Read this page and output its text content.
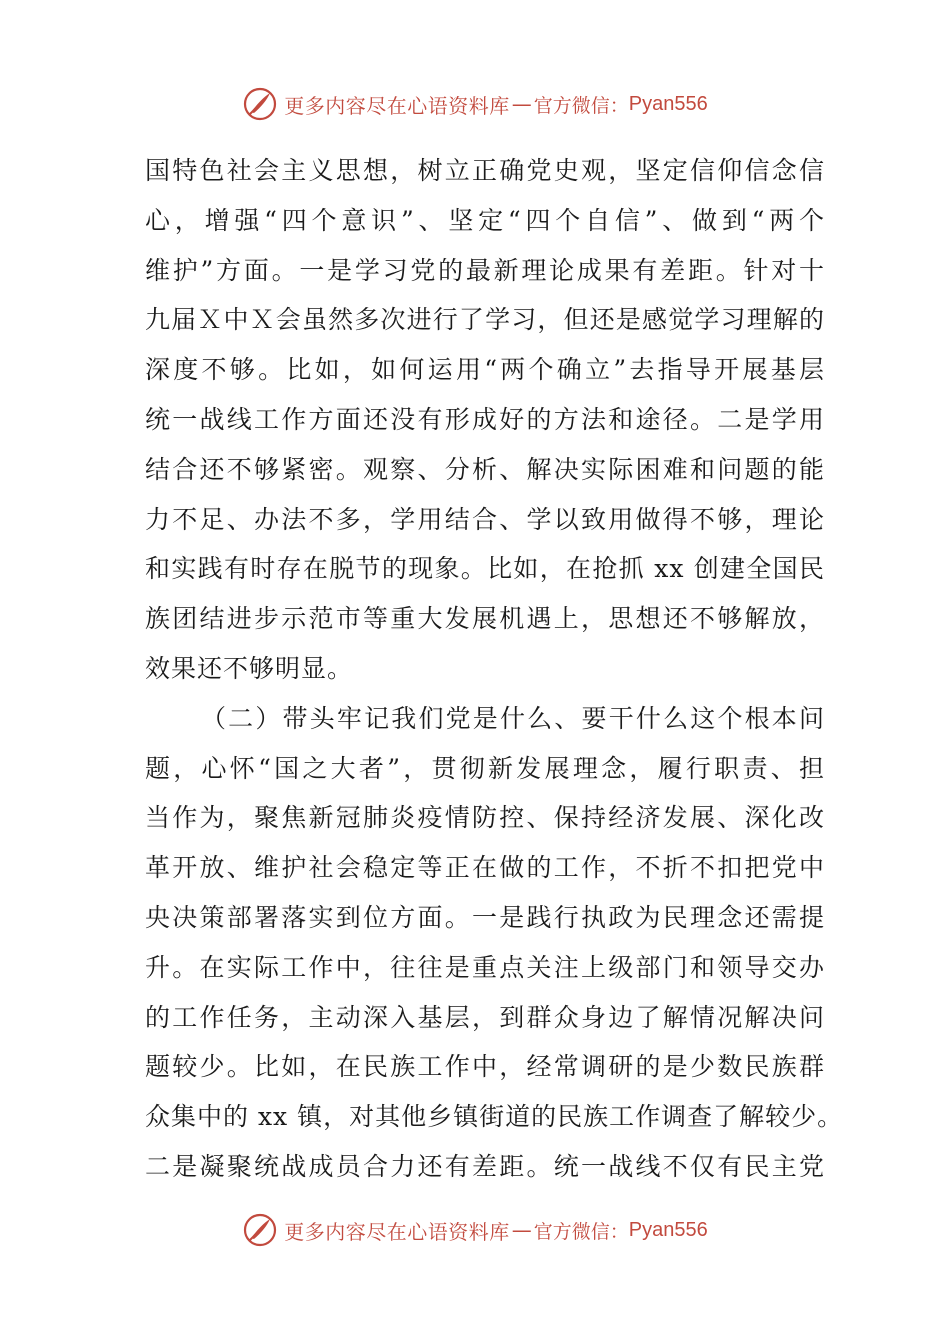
更多内容尽在心语资料库 — 官方微信： Pyan556
国特色社会主义思想，树立正确党史观，坚定信仰信念信
心，增强“四个意识”、坚定“四个自信”、做到“两个
维护”方面。一是学习党的最新理论成果有差距。针对十
九届Ｘ中Ｘ会虽然多次进行了学习，但还是感觉学习理解的
深度不够。比如，如何运用“两个确立”去指导开展基层
统一战线工作方面还没有形成好的方法和途径。二是学用
结合还不够紧密。观察、分析、解决实际困难和问题的能
力不足、办法不多，学用结合、学以致用做得不够，理论
和实践有时存在脱节的现象。比如，在抢抓 xx 创建全国民
族团结进步示范市等重大发展机遇上，思想还不够解放，
效果还不够明显。
（二）带头牢记我们党是什么、要干什么这个根本问
题，心怀“国之大者”，贯彻新发展理念，履行职责、担
当作为，聚焦新冠肺炎疫情防控、保持经济发展、深化改
革开放、维护社会稳定等正在做的工作，不折不扣把党中
央决策部署落实到位方面。一是践行执政为民理念还需提
升。在实际工作中，往往是重点关注上级部门和领导交办
的工作任务，主动深入基层，到群众身边了解情况解决问
题较少。比如，在民族工作中，经常调研的是少数民族群
众集中的 xx 镇，对其他乡镇街道的民族工作调查了解较少。
二是凝聚统战成员合力还有差距。统一战线不仅有民主党
更多内容尽在心语资料库 — 官方微信： Pyan556
